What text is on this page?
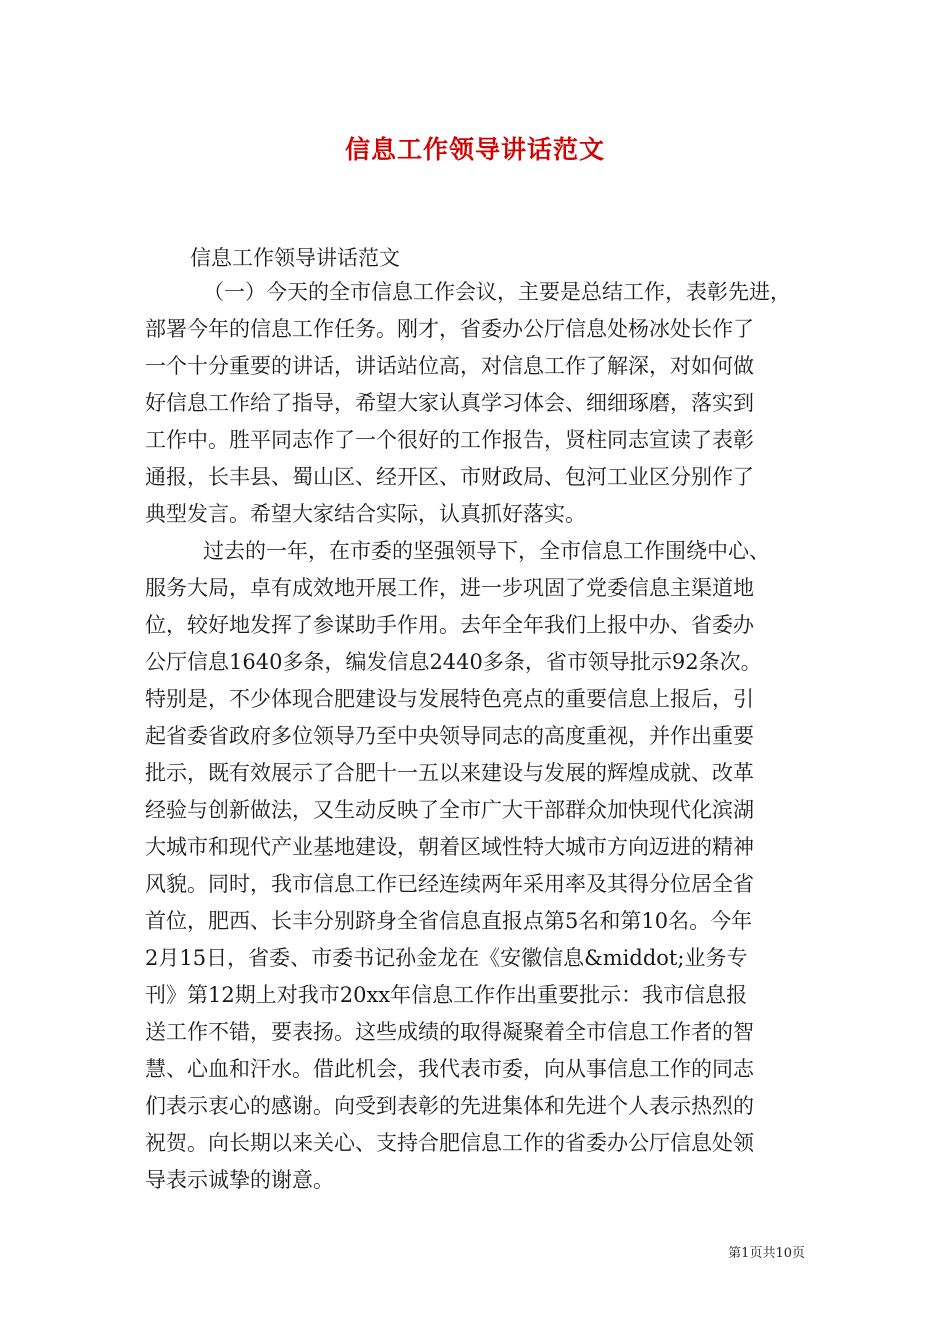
信息工作领导讲话范文
信息工作领导讲话范文
（一）今天的全市信息工作会议，主要是总结工作，表彰先进，
部署今年的信息工作任务。刚才，省委办公厅信息处杨冰处长作了
一个十分重要的讲话，讲话站位高，对信息工作了解深，对如何做
好信息工作给了指导，希望大家认真学习体会、细细琢磨，落实到
工作中。胜平同志作了一个很好的工作报告，贤柱同志宣读了表彰
通报，长丰县、蜀山区、经开区、市财政局、包河工业区分别作了
典型发言。希望大家结合实际，认真抓好落实。
过去的一年，在市委的坚强领导下，全市信息工作围绕中心、
服务大局，卓有成效地开展工作，进一步巩固了党委信息主渠道地
位，较好地发挥了参谋助手作用。去年全年我们上报中办、省委办
公厅信息1640多条，编发信息2440多条，省市领导批示92条次。
特别是，不少体现合肥建设与发展特色亮点的重要信息上报后，引
起省委省政府多位领导乃至中央领导同志的高度重视，并作出重要
批示，既有效展示了合肥十一五以来建设与发展的辉煌成就、改革
经验与创新做法，又生动反映了全市广大干部群众加快现代化滨湖
大城市和现代产业基地建设，朝着区域性特大城市方向迈进的精神
风貌。同时，我市信息工作已经连续两年采用率及其得分位居全省
首位，肥西、长丰分别跻身全省信息直报点第5名和第10名。今年
2月15日，省委、市委书记孙金龙在《安徽信息&middot;业务专
刊》第12期上对我市20xx年信息工作作出重要批示：我市信息报
送工作不错，要表扬。这些成绩的取得凝聚着全市信息工作者的智
慧、心血和汗水。借此机会，我代表市委，向从事信息工作的同志
们表示衷心的感谢。向受到表彰的先进集体和先进个人表示热烈的
祝贺。向长期以来关心、支持合肥信息工作的省委办公厅信息处领
导表示诚挚的谢意。
第1页共10页
